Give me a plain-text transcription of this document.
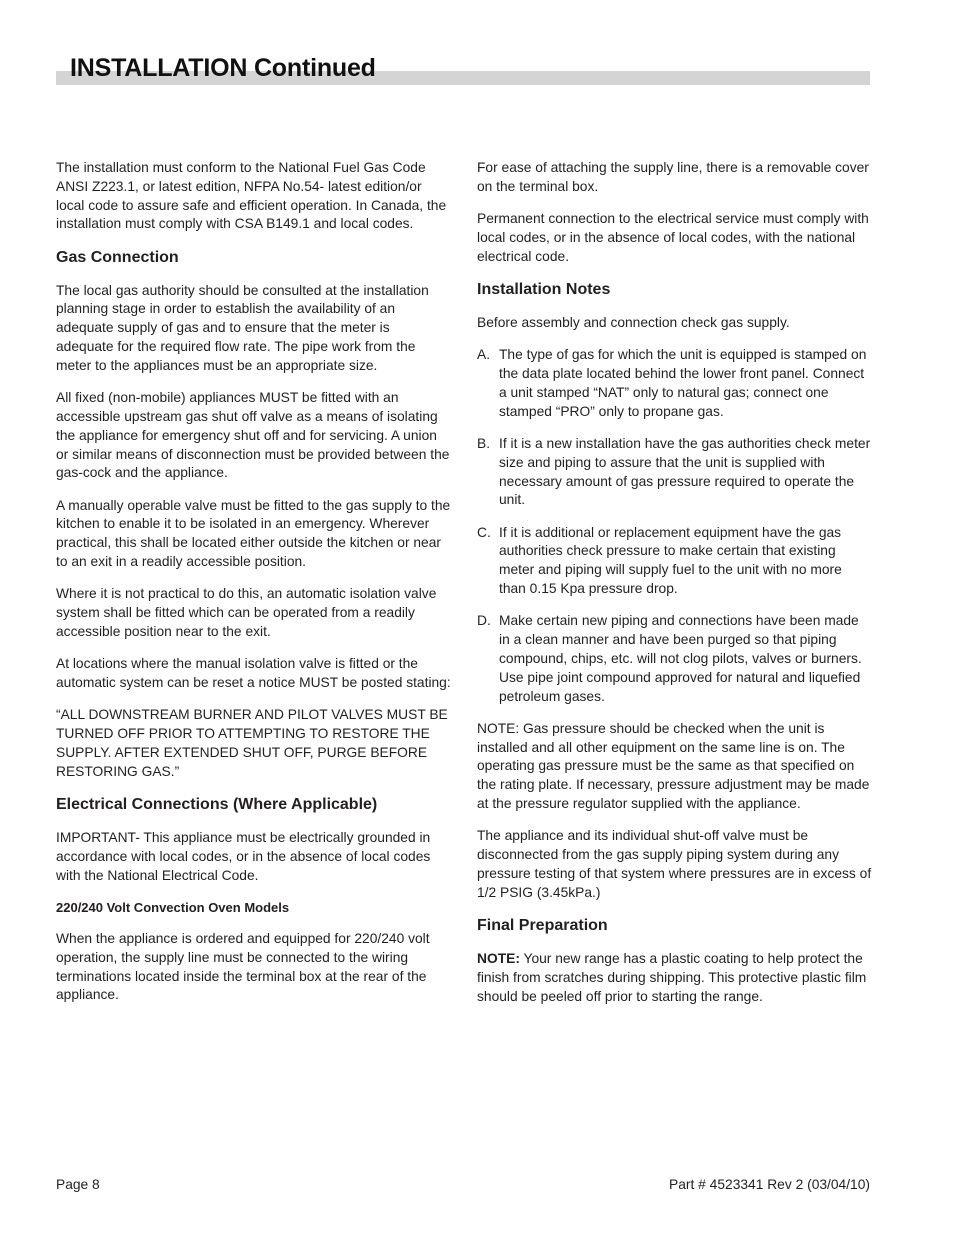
INSTALLATION Continued

The installation must conform to the National Fuel Gas Code ANSI Z223.1, or latest edition, NFPA No.54- latest edition/or local code to assure safe and efficient operation. In Canada, the installation must comply with CSA B149.1 and local codes.

Gas Connection

The local gas authority should be consulted at the installation planning stage in order to establish the availability of an adequate supply of gas and to ensure that the meter is adequate for the required flow rate. The pipe work from the meter to the appliances must be an appropriate size.

All fixed (non-mobile) appliances MUST be fitted with an accessible upstream gas shut off valve as a means of isolating the appliance for emergency shut off and for servicing. A union or similar means of disconnection must be provided between the gas-cock and the appliance.

A manually operable valve must be fitted to the gas supply to the kitchen to enable it to be isolated in an emergency. Wherever practical, this shall be located either outside the kitchen or near to an exit in a readily accessible position.

Where it is not practical to do this, an automatic isolation valve system shall be fitted which can be operated from a readily accessible position near to the exit.

At locations where the manual isolation valve is fitted or the automatic system can be reset a notice MUST be posted stating:

“ALL DOWNSTREAM BURNER AND PILOT VALVES MUST BE TURNED OFF PRIOR TO ATTEMPTING TO RESTORE THE SUPPLY. AFTER EXTENDED SHUT OFF, PURGE BEFORE RESTORING GAS.”

Electrical Connections (Where Applicable)

IMPORTANT- This appliance must be electrically grounded in accordance with local codes, or in the absence of local codes with the National Electrical Code.

220/240 Volt Convection Oven Models

When the appliance is ordered and equipped for 220/240 volt operation, the supply line must be connected to the wiring terminations located inside the terminal box at the rear of the appliance.

For ease of attaching the supply line, there is a removable cover on the terminal box.

Permanent connection to the electrical service must comply with local codes, or in the absence of local codes, with the national electrical code.

Installation Notes

Before assembly and connection check gas supply.

A. The type of gas for which the unit is equipped is stamped on the data plate located behind the lower front panel. Connect a unit stamped “NAT” only to natural gas; connect one stamped “PRO” only to propane gas.
B. If it is a new installation have the gas authorities check meter size and piping to assure that the unit is supplied with necessary amount of gas pressure required to operate the unit.
C. If it is additional or replacement equipment have the gas authorities check pressure to make certain that existing meter and piping will supply fuel to the unit with no more than 0.15 Kpa pressure drop.
D. Make certain new piping and connections have been made in a clean manner and have been purged so that piping compound, chips, etc. will not clog pilots, valves or burners. Use pipe joint compound approved for natural and liquefied petroleum gases.

NOTE: Gas pressure should be checked when the unit is installed and all other equipment on the same line is on. The operating gas pressure must be the same as that specified on the rating plate. If necessary, pressure adjustment may be made at the pressure regulator supplied with the appliance.

The appliance and its individual shut-off valve must be disconnected from the gas supply piping system during any pressure testing of that system where pressures are in excess of 1/2 PSIG (3.45kPa.)

Final Preparation

NOTE: Your new range has a plastic coating to help protect the finish from scratches during shipping. This protective plastic film should be peeled off prior to starting the range.

Page 8	Part # 4523341 Rev 2 (03/04/10)
